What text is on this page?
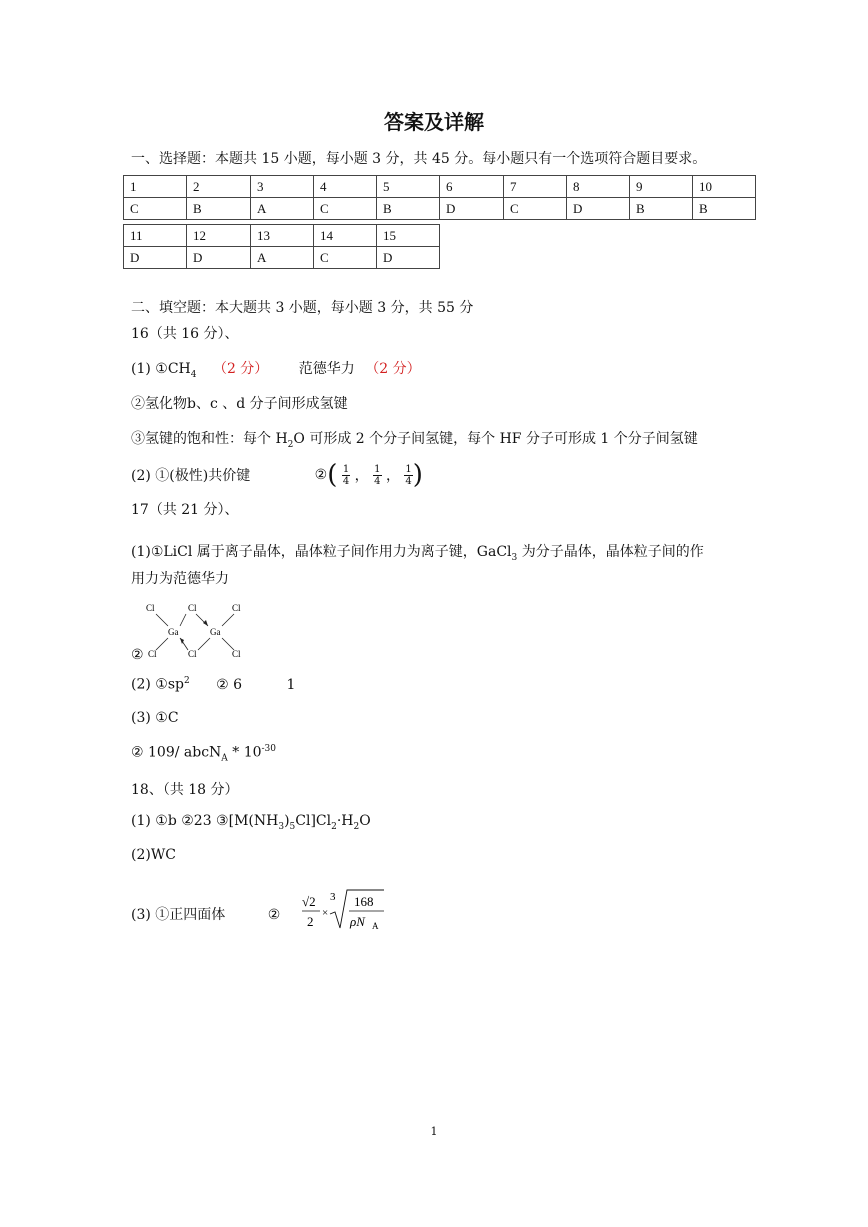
答案及详解
一、选择题：本题共 15 小题，每小题 3 分，共 45 分。每小题只有一个选项符合题目要求。
1	2	3	4	5	6	7	8	9	10
C	B	A	C	B	D	C	D	B	B
11	12	13	14	15
D	D	A	C	D
二、填空题：本大题共 3 小题，每小题 3 分，共 55 分
16（共 16 分）、
(1) $①CH_4$ （2 分） 范德华力 （2 分）
②氢化物b、c 、d 分子间形成氢键
③氢键的饱和性：每个 $H_2O$ 可形成 2 个分子间氢键，每个 HF 分子可形成 1 个分子间氢键
(2) ①(极性)共价键	②( $\frac{1}{4}$ ， $\frac{1}{4}$ ， $\frac{1}{4}$ )
17（共 21 分）、
(1)①LiCl 属于离子晶体，晶体粒子间作用力为离子键，GaCl$_3$ 为分子晶体，晶体粒子间的作
用力为范德华力
②
Cl	Cl	Cl
Ga	Ga
Cl	Cl	Cl
(2) $①sp^2$ ② 6	1
(3) ①C
② 109/ abcN$_A$ * $10^{-30}$
18、（共 18 分）
(1) ①b ②23 $③[M(NH_3)_5Cl]Cl_2\cdot H_2O$
(2)WC
(3) ①正四面体	②
√2
2
×
3 168
ρN A
1
